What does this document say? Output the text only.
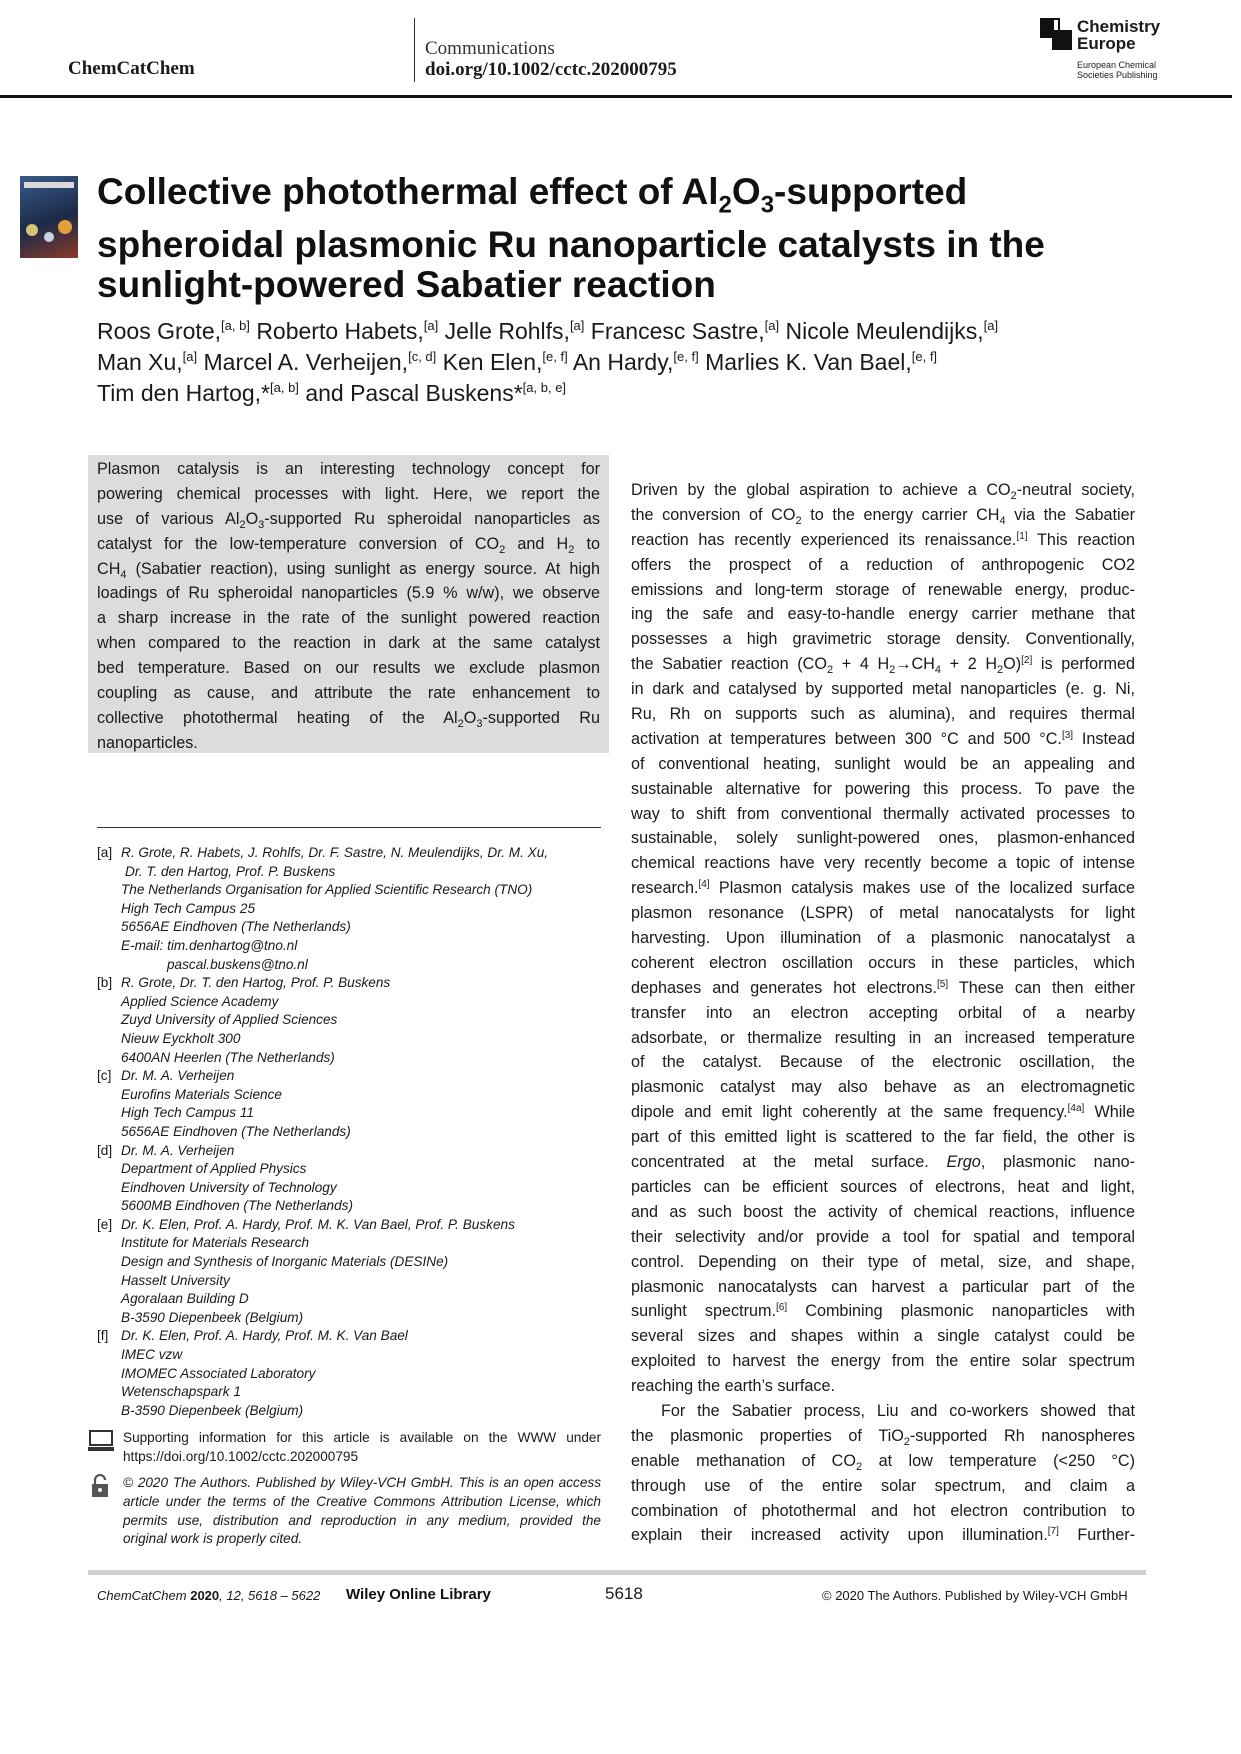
ChemCatChem
Communications
doi.org/10.1002/cctc.202000795
Chemistry
Europe
European Chemical
Societies Publishing
Collective photothermal effect of $Al_2O_3$-supported
spheroidal plasmonic Ru nanoparticle catalysts in the
sunlight-powered Sabatier reaction
Roos Grote,[a, b] Roberto Habets,[a] Jelle Rohlfs,[a] Francesc Sastre,[a] Nicole Meulendijks,[a]
Man Xu,[a] Marcel A. Verheijen,[c, d] Ken Elen,[e, f] An Hardy,[e, f] Marlies K. Van Bael,[e, f]
Tim den Hartog,*[a, b] and Pascal Buskens*[a, b, e]
Plasmon catalysis is an interesting technology concept for
powering chemical processes with light. Here, we report the
use of various $Al_2O_3$-supported Ru spheroidal nanoparticles as
catalyst for the low-temperature conversion of $CO_2$ and $H_2$ to
$CH_4$ (Sabatier reaction), using sunlight as energy source. At high
loadings of Ru spheroidal nanoparticles (5.9 % w/w), we observe
a sharp increase in the rate of the sunlight powered reaction
when compared to the reaction in dark at the same catalyst
bed temperature. Based on our results we exclude plasmon
coupling as cause, and attribute the rate enhancement to
collective photothermal heating of the $Al_2O_3$-supported Ru
nanoparticles.
Driven by the global aspiration to achieve a $CO_2$-neutral society,
the conversion of $CO_2$ to the energy carrier $CH_4$ via the Sabatier
reaction has recently experienced its renaissance.[1] This reaction
offers the prospect of a reduction of anthropogenic CO2
emissions and long-term storage of renewable energy, produc-
ing the safe and easy-to-handle energy carrier methane that
possesses a high gravimetric storage density. Conventionally,
the Sabatier reaction ($CO_2 + 4$ $H_2\to CH_4 + 2$ $H_2O)[2]$ is performed
in dark and catalysed by supported metal nanoparticles (e. g. Ni,
Ru, Rh on supports such as alumina), and requires thermal
activation at temperatures between 300 °C and 500 °C.[3] Instead
of conventional heating, sunlight would be an appealing and
sustainable alternative for powering this process. To pave the
way to shift from conventional thermally activated processes to
sustainable, solely sunlight-powered ones, plasmon-enhanced
chemical reactions have very recently become a topic of intense
research.[4] Plasmon catalysis makes use of the localized surface
plasmon resonance (LSPR) of metal nanocatalysts for light
harvesting. Upon illumination of a plasmonic nanocatalyst a
coherent electron oscillation occurs in these particles, which
dephases and generates hot electrons.[5] These can then either
transfer into an electron accepting orbital of a nearby
adsorbate, or thermalize resulting in an increased temperature
of the catalyst. Because of the electronic oscillation, the
plasmonic catalyst may also behave as an electromagnetic
dipole and emit light coherently at the same frequency.[4a] While
part of this emitted light is scattered to the far field, the other is
concentrated at the metal surface. Ergo, plasmonic nano-
particles can be efficient sources of electrons, heat and light,
and as such boost the activity of chemical reactions, influence
their selectivity and/or provide a tool for spatial and temporal
control. Depending on their type of metal, size, and shape,
plasmonic nanocatalysts can harvest a particular part of the
sunlight spectrum.[6] Combining plasmonic nanoparticles with
several sizes and shapes within a single catalyst could be
exploited to harvest the energy from the entire solar spectrum
reaching the earth’s surface.
For the Sabatier process, Liu and co-workers showed that
the plasmonic properties of TiO$_2$-supported Rh nanospheres
enable methanation of $CO_2$ at low temperature (<250 °C)
through use of the entire solar spectrum, and claim a
combination of photothermal and hot electron contribution to
explain their increased activity upon illumination.[7] Further-
[a] R. Grote, R. Habets, J. Rohlfs, Dr. F. Sastre, N. Meulendijks, Dr. M. Xu,
Dr. T. den Hartog, Prof. P. Buskens
The Netherlands Organisation for Applied Scientific Research (TNO)
High Tech Campus 25
5656AE Eindhoven (The Netherlands)
E-mail: tim.denhartog@tno.nl
pascal.buskens@tno.nl
[b] R. Grote, Dr. T. den Hartog, Prof. P. Buskens
Applied Science Academy
Zuyd University of Applied Sciences
Nieuw Eyckholt 300
6400AN Heerlen (The Netherlands)
[c] Dr. M. A. Verheijen
Eurofins Materials Science
High Tech Campus 11
5656AE Eindhoven (The Netherlands)
[d] Dr. M. A. Verheijen
Department of Applied Physics
Eindhoven University of Technology
5600MB Eindhoven (The Netherlands)
[e] Dr. K. Elen, Prof. A. Hardy, Prof. M. K. Van Bael, Prof. P. Buskens
Institute for Materials Research
Design and Synthesis of Inorganic Materials (DESINe)
Hasselt University
Agoralaan Building D
B-3590 Diepenbeek (Belgium)
[f] Dr. K. Elen, Prof. A. Hardy, Prof. M. K. Van Bael
IMEC vzw
IMOMEC Associated Laboratory
Wetenschapspark 1
B-3590 Diepenbeek (Belgium)
Supporting information for this article is available on the WWW under
https://doi.org/10.1002/cctc.202000795
© 2020 The Authors. Published by Wiley-VCH GmbH. This is an open access
article under the terms of the Creative Commons Attribution License, which
permits use, distribution and reproduction in any medium, provided the
original work is properly cited.
ChemCatChem 2020, 12, 5618 – 5622 Wiley Online Library	5618	© 2020 The Authors. Published by Wiley-VCH GmbH
